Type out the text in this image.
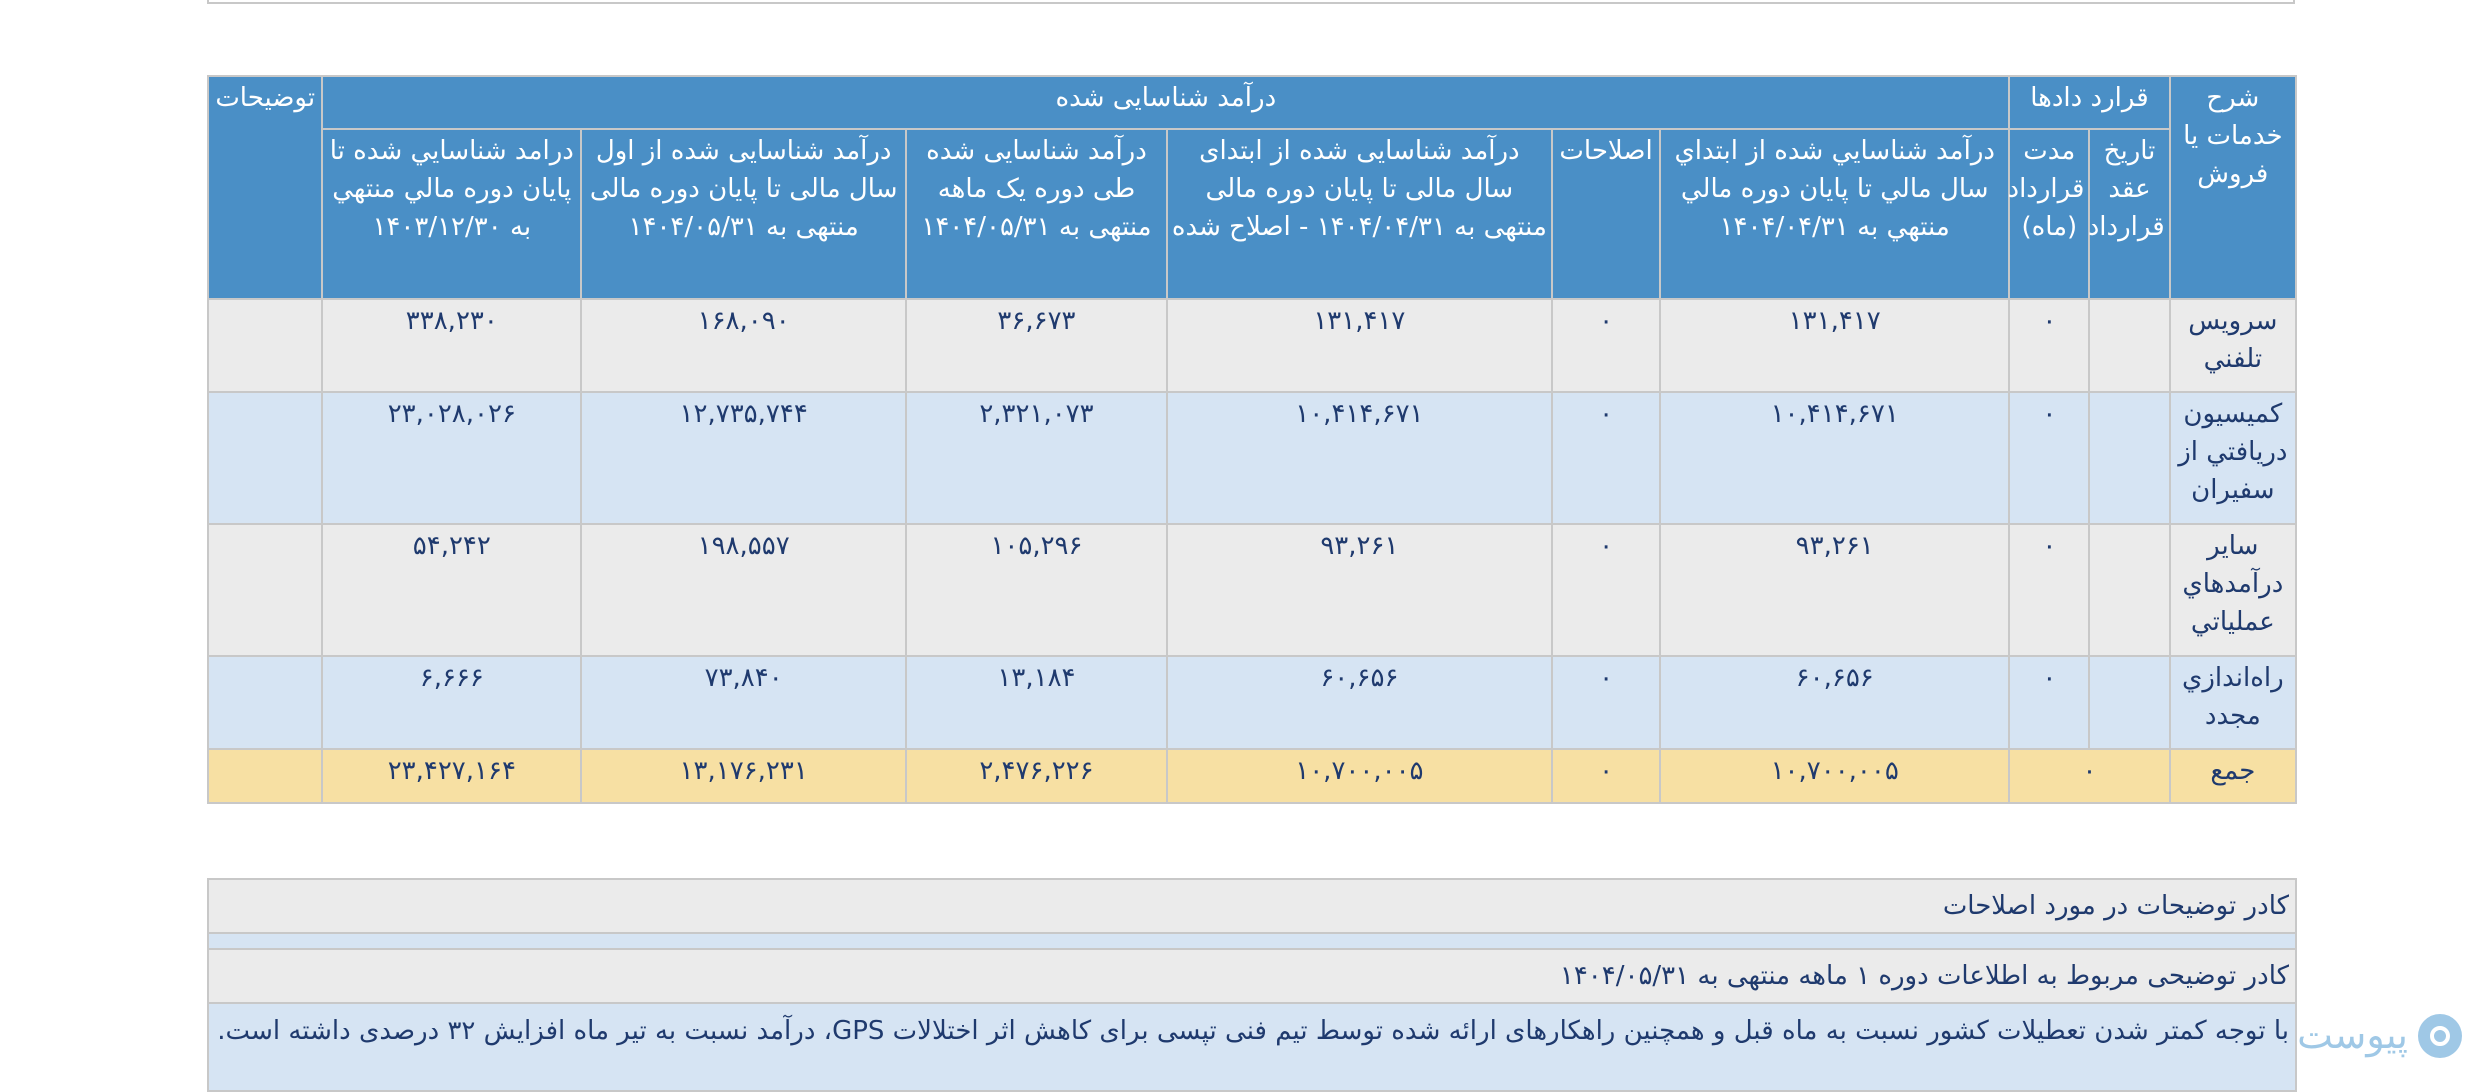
شرح خدمات یا فروش	قرارد دادها		درآمد شناسایی شده						توضیحات
	تاریخ عقد قرارداد	مدت قرارداد (ماه)	درآمد شناسايي شده از ابتداي سال مالي تا پايان دوره مالي منتهي به ۱۴۰۴/۰۴/۳۱	اصلاحات	درآمد شناسایی شده از ابتدای سال مالی تا پایان دوره مالی منتهی به ۱۴۰۴/۰۴/۳۱ - اصلاح شده	درآمد شناسایی شده طی دوره یک ماهه منتهی به ۱۴۰۴/۰۵/۳۱	درآمد شناسایی شده از اول سال مالی تا پایان دوره مالی منتهی به ۱۴۰۴/۰۵/۳۱	درامد شناسايي شده تا پايان دوره مالي منتهي به ۱۴۰۳/۱۲/۳۰	
سرويس تلفني		۰	۱۳۱,۴۱۷	۰	۱۳۱,۴۱۷	۳۶,۶۷۳	۱۶۸,۰۹۰	۳۳۸,۲۳۰	
كميسيون دريافتي از سفيران		۰	۱۰,۴۱۴,۶۷۱	۰	۱۰,۴۱۴,۶۷۱	۲,۳۲۱,۰۷۳	۱۲,۷۳۵,۷۴۴	۲۳,۰۲۸,۰۲۶	
ساير درآمدهاي عملياتي		۰	۹۳,۲۶۱	۰	۹۳,۲۶۱	۱۰۵,۲۹۶	۱۹۸,۵۵۷	۵۴,۲۴۲	
راه‌اندازي مجدد		۰	۶۰,۶۵۶	۰	۶۰,۶۵۶	۱۳,۱۸۴	۷۳,۸۴۰	۶,۶۶۶	
جمع	۰		۱۰,۷۰۰,۰۰۵	۰	۱۰,۷۰۰,۰۰۵	۲,۴۷۶,۲۲۶	۱۳,۱۷۶,۲۳۱	۲۳,۴۲۷,۱۶۴	
کادر توضیحات در مورد اصلاحات
کادر توضیحی مربوط به اطلاعات دوره ۱ ماهه منتهی به ۱۴۰۴/۰۵/۳۱
با توجه کمتر شدن تعطیلات کشور نسبت به ماه قبل و همچنین راهکارهای ارائه شده توسط تیم فنی تپسی برای کاهش اثر اختلالات GPS، درآمد نسبت به تیر ماه افزایش ۳۲ درصدی داشته است. پیوست
